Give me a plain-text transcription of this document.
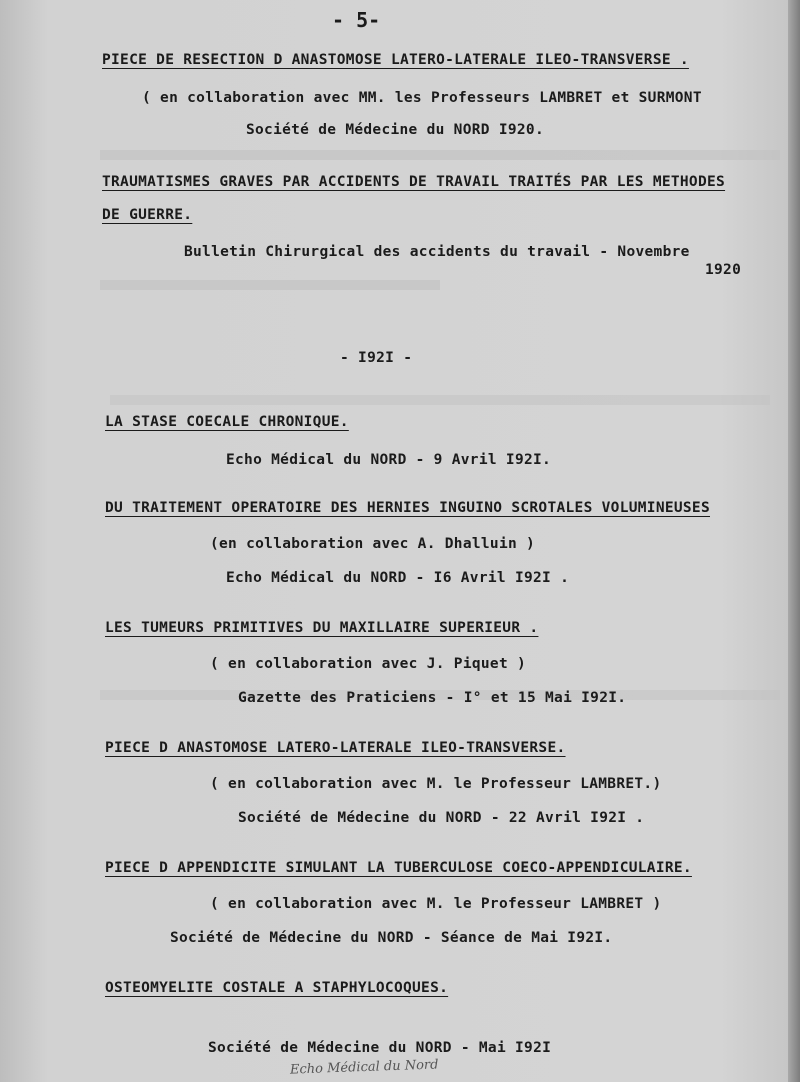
- 5-
PIECE DE RESECTION D ANASTOMOSE LATERO-LATERALE ILEO-TRANSVERSE .
( en collaboration avec MM. les Professeurs LAMBRET et SURMONT
Société de Médecine du NORD I920.
TRAUMATISMES GRAVES PAR ACCIDENTS DE TRAVAIL TRAITÉS PAR LES METHODES
DE GUERRE.
Bulletin Chirurgical des accidents du travail - Novembre
1920
- I92I -
LA STASE COECALE CHRONIQUE.
Echo Médical du NORD - 9 Avril I92I.
DU TRAITEMENT OPERATOIRE DES HERNIES INGUINO SCROTALES VOLUMINEUSES
(en collaboration avec A. Dhalluin )
Echo Médical du NORD - I6 Avril I92I .
LES TUMEURS PRIMITIVES DU MAXILLAIRE SUPERIEUR .
( en collaboration avec J. Piquet )
Gazette des Praticiens - I° et 15 Mai I92I.
PIECE D ANASTOMOSE LATERO-LATERALE ILEO-TRANSVERSE.
( en collaboration avec M. le Professeur LAMBRET.)
Société de Médecine du NORD - 22 Avril I92I .
PIECE D APPENDICITE SIMULANT LA TUBERCULOSE COECO-APPENDICULAIRE.
( en collaboration avec M. le Professeur LAMBRET )
Société de Médecine du NORD - Séance de Mai I92I.
OSTEOMYELITE COSTALE A STAPHYLOCOQUES.
Société de Médecine du NORD - Mai I92I
Echo Médical du Nord
